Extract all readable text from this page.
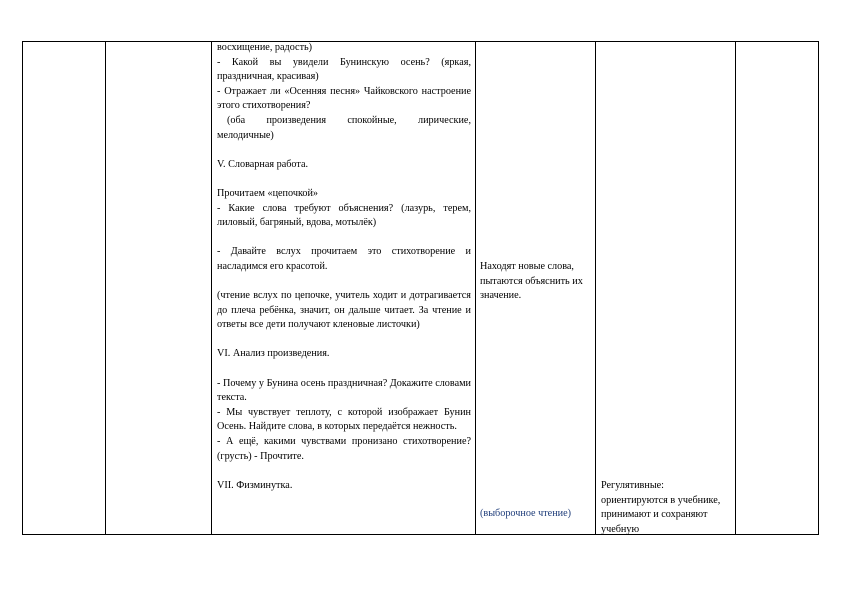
восхищение, радость)

- Какой вы увидели Бунинскую осень? (яркая, праздничная, красивая)

- Отражает ли «Осенняя песня» Чайковского настроение этого стихотворения?

(оба произведения спокойные, лирические, мелодичные)

V. Словарная работа.

Прочитаем «цепочкой»

- Какие слова требуют объяснения? (лазурь, терем, лиловый, багряный, вдова, мотылёк)

- Давайте вслух прочитаем это стихотворение и насладимся его красотой.

(чтение вслух по цепочке, учитель ходит и дотрагивается до плеча ребёнка, значит, он дальше читает. За чтение и ответы все дети получают кленовые листочки)

VI. Анализ произведения.

- Почему у Бунина осень праздничная? Докажите словами текста.

- Мы чувствует теплоту, с которой изображает Бунин Осень. Найдите слова, в которых передаётся нежность.

- А ещё, какими чувствами пронизано стихотворение? (грусть) - Прочтите.

VII. Физминутка.

Находят новые слова, пытаются объяснить их значение.

(выборочное чтение)

Регулятивные: ориентируются в учебнике, принимают и сохраняют учебную
